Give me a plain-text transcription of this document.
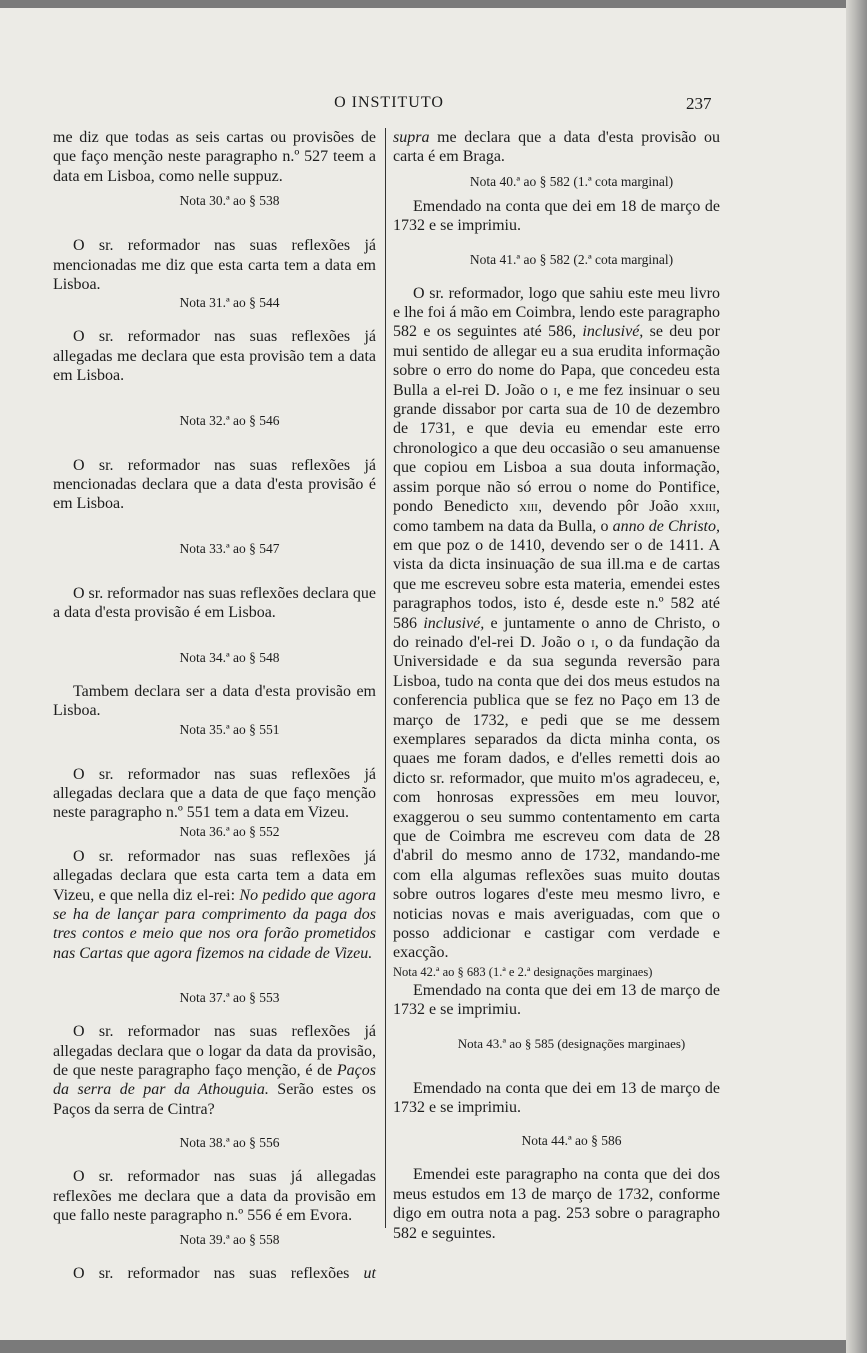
O INSTITUTO	237

me diz que todas as seis cartas ou provisões de que faço menção neste paragrapho n.º 527 teem a data em Lisboa, como nelle suppuz.

Nota 30.ª ao § 538

O sr. reformador nas suas reflexões já mencionadas me diz que esta carta tem a data em Lisboa.

Nota 31.ª ao § 544

O sr. reformador nas suas reflexões já allegadas me declara que esta provisão tem a data em Lisboa.

Nota 32.ª ao § 546

O sr. reformador nas suas reflexões já mencionadas declara que a data d'esta provisão é em Lisboa.

Nota 33.ª ao § 547

O sr. reformador nas suas reflexões declara que a data d'esta provisão é em Lisboa.

Nota 34.ª ao § 548

Tambem declara ser a data d'esta provisão em Lisboa.

Nota 35.ª ao § 551

O sr. reformador nas suas reflexões já allegadas declara que a data de que faço menção neste paragrapho n.º 551 tem a data em Vizeu.

Nota 36.ª ao § 552

O sr. reformador nas suas reflexões já allegadas declara que esta carta tem a data em Vizeu, e que nella diz el-rei: No pedido que agora se ha de lançar para comprimento da paga dos tres contos e meio que nos ora forão prometidos nas Cartas que agora fizemos na cidade de Vizeu.

Nota 37.ª ao § 553

O sr. reformador nas suas reflexões já allegadas declara que o logar da data da provisão, de que neste paragrapho faço menção, é de Paços da serra de par da Athouguia. Serão estes os Paços da serra de Cintra?

Nota 38.ª ao § 556

O sr. reformador nas suas já allegadas reflexões me declara que a data da provisão em que fallo neste paragrapho n.º 556 é em Evora.

Nota 39.ª ao § 558

O sr. reformador nas suas reflexões ut

supra me declara que a data d'esta provisão ou carta é em Braga.

Nota 40.ª ao § 582 (1.ª cota marginal)

Emendado na conta que dei em 18 de março de 1732 e se imprimiu.

Nota 41.ª ao § 582 (2.ª cota marginal)

O sr. reformador, logo que sahiu este meu livro e lhe foi á mão em Coimbra, lendo este paragrapho 582 e os seguintes até 586, inclusivé, se deu por mui sentido de allegar eu a sua erudita informação sobre o erro do nome do Papa, que concedeu esta Bulla a el-rei D. João o i, e me fez insinuar o seu grande dissabor por carta sua de 10 de dezembro de 1731, e que devia eu emendar este erro chronologico a que deu occasião o seu amanuense que copiou em Lisboa a sua douta informação, assim porque não só errou o nome do Pontifice, pondo Benedicto xiii, devendo pôr João xxiii, como tambem na data da Bulla, o anno de Christo, em que poz o de 1410, devendo ser o de 1411. A vista da dicta insinuação de sua ill.ma e de cartas que me escreveu sobre esta materia, emendei estes paragraphos todos, isto é, desde este n.º 582 até 586 inclusivé, e juntamente o anno de Christo, o do reinado d'el-rei D. João o i, o da fundação da Universidade e da sua segunda reversão para Lisboa, tudo na conta que dei dos meus estudos na conferencia publica que se fez no Paço em 13 de março de 1732, e pedi que se me dessem exemplares separados da dicta minha conta, os quaes me foram dados, e d'elles remetti dois ao dicto sr. reformador, que muito m'os agradeceu, e, com honrosas expressões em meu louvor, exaggerou o seu summo contentamento em carta que de Coimbra me escreveu com data de 28 d'abril do mesmo anno de 1732, mandando-me com ella algumas reflexões suas muito doutas sobre outros logares d'este meu mesmo livro, e noticias novas e mais averiguadas, com que o posso addicionar e castigar com verdade e exacção.

Nota 42.ª ao § 683 (1.ª e 2.ª designações marginaes)

Emendado na conta que dei em 13 de março de 1732 e se imprimiu.

Nota 43.ª ao § 585 (designações marginaes)

Emendado na conta que dei em 13 de março de 1732 e se imprimiu.

Nota 44.ª ao § 586

Emendei este paragrapho na conta que dei dos meus estudos em 13 de março de 1732, conforme digo em outra nota a pag. 253 sobre o paragrapho 582 e seguintes.
